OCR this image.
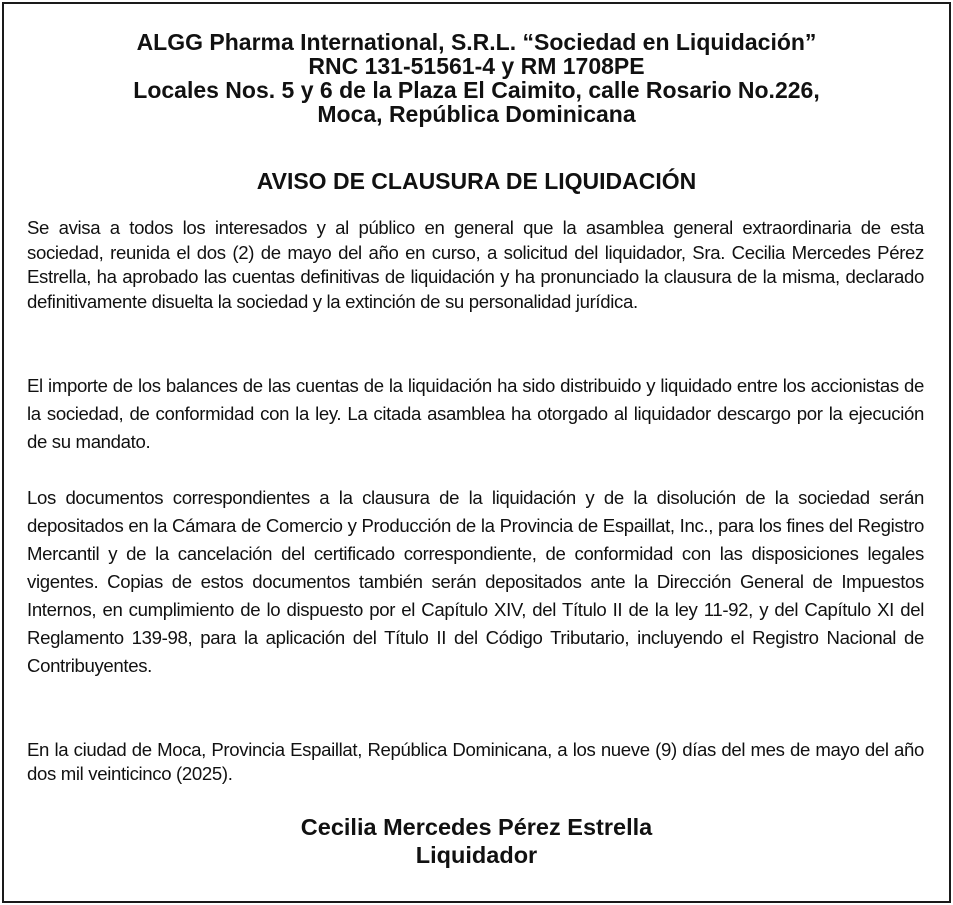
ALGG Pharma International, S.R.L. “Sociedad en Liquidación”
RNC 131-51561-4 y RM 1708PE
Locales Nos. 5 y 6 de la Plaza El Caimito, calle Rosario No.226,
Moca, República Dominicana
AVISO DE CLAUSURA DE LIQUIDACIÓN

Se avisa a todos los interesados y al público en general que la asamblea general extraordinaria de esta sociedad, reunida el dos (2) de mayo del año en curso, a solicitud del liquidador, Sra. Cecilia Mercedes Pérez Estrella, ha aprobado las cuentas definitivas de liquidación y ha pronunciado la clausura de la misma, declarado definitivamente disuelta la sociedad y la extinción de su personalidad jurídica.

El importe de los balances de las cuentas de la liquidación ha sido distribuido y liquidado entre los accionistas de la sociedad, de conformidad con la ley. La citada asamblea ha otorgado al liquidador descargo por la ejecución de su mandato.

Los documentos correspondientes a la clausura de la liquidación y de la disolución de la sociedad serán depositados en la Cámara de Comercio y Producción de la Provincia de Espaillat, Inc., para los fines del Registro Mercantil y de la cancelación del certificado correspondiente, de conformidad con las disposiciones legales vigentes. Copias de estos documentos también serán depositados ante la Dirección General de Impuestos Internos, en cumplimiento de lo dispuesto por el Capítulo XIV, del Título II de la ley 11-92, y del Capítulo XI del Reglamento 139-98, para la aplicación del Título II del Código Tributario, incluyendo el Registro Nacional de Contribuyentes.

En la ciudad de Moca, Provincia Espaillat, República Dominicana, a los nueve (9) días del mes de mayo del año dos mil veinticinco (2025).

Cecilia Mercedes Pérez Estrella
Liquidador
